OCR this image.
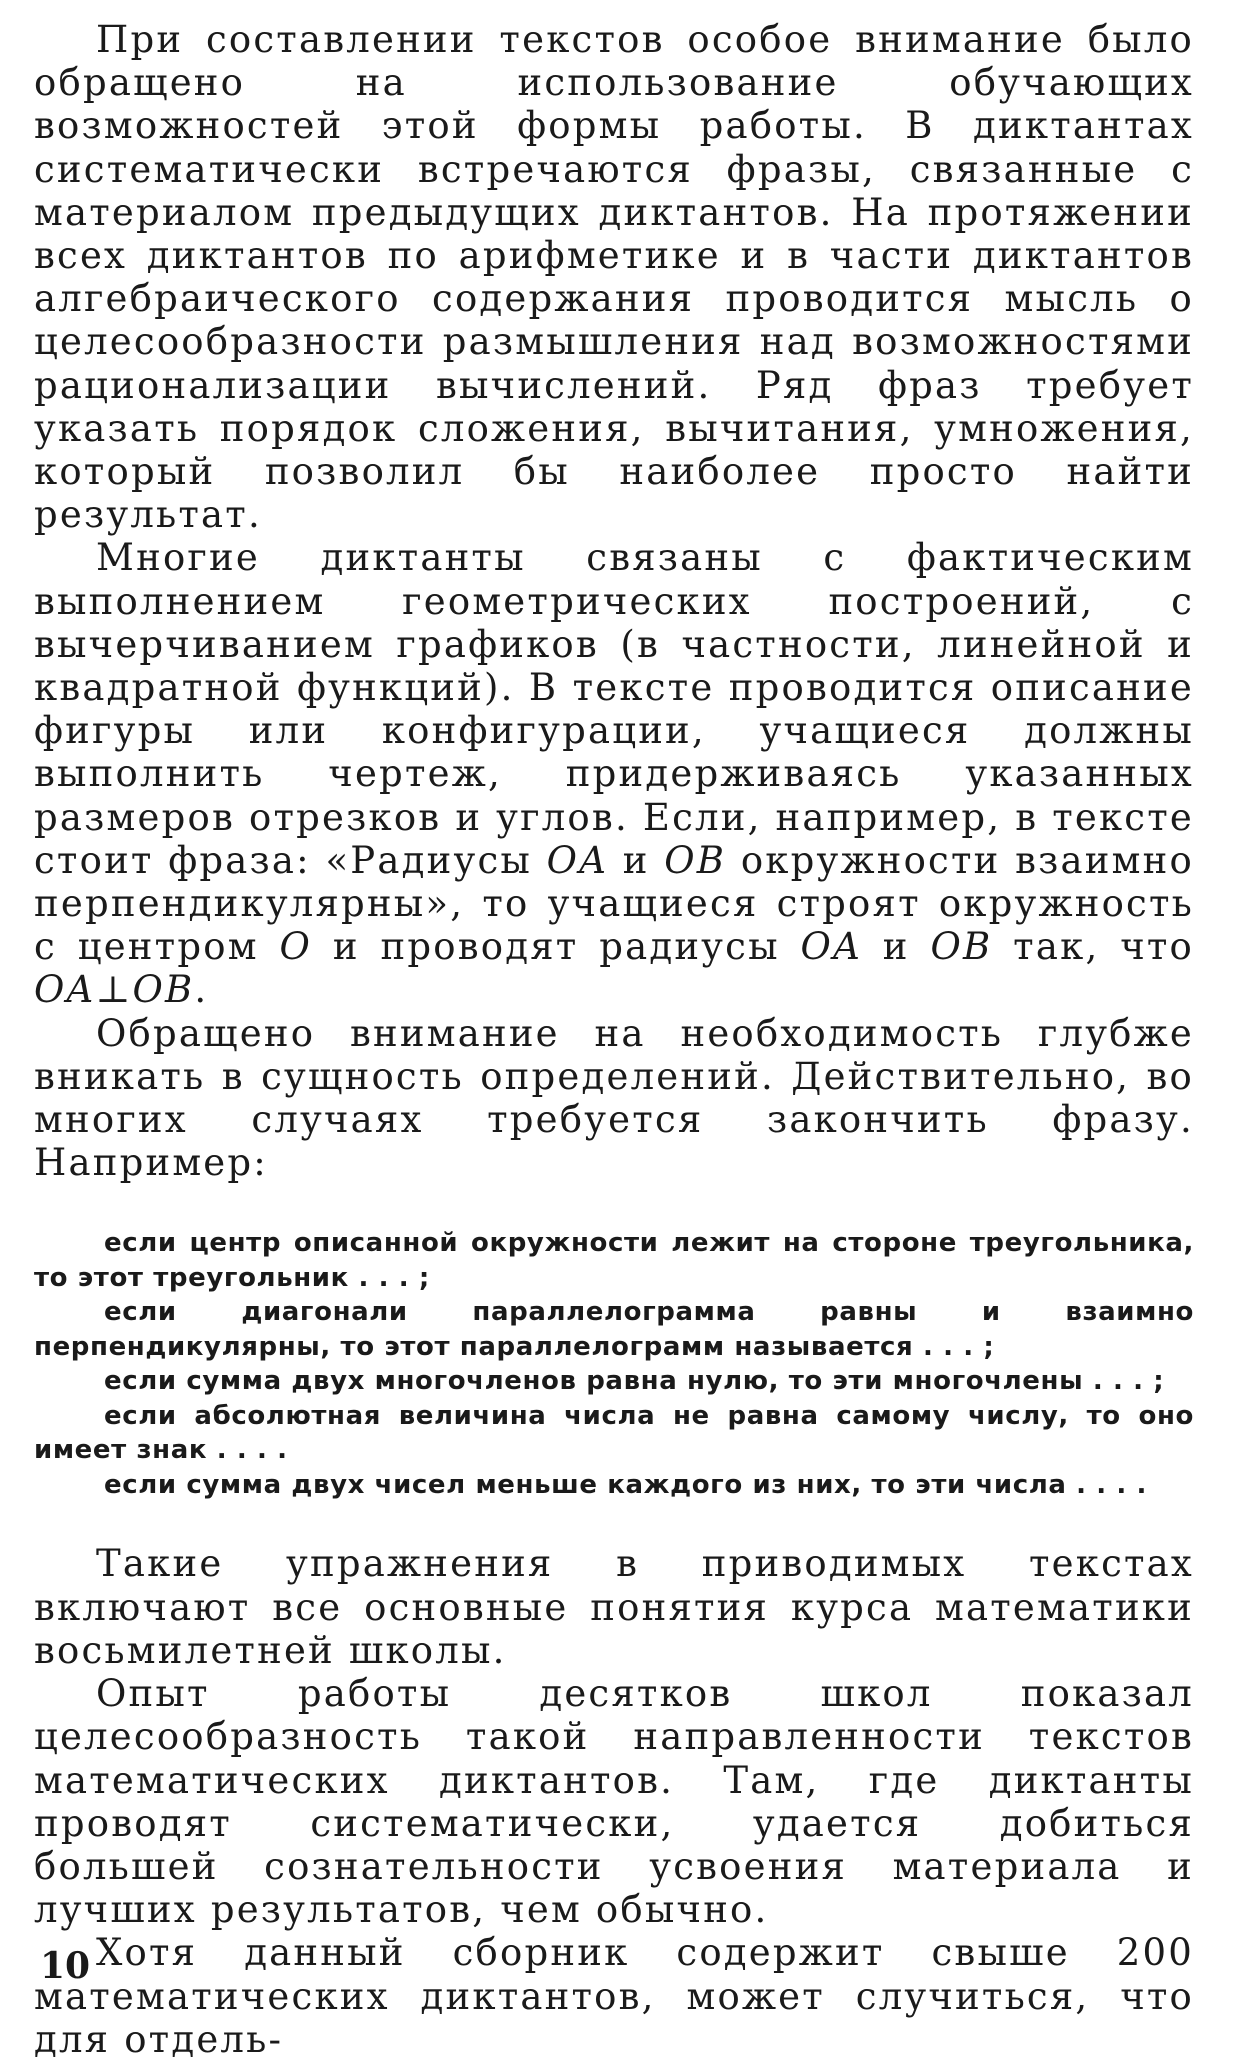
При составлении текстов особое внимание было обращено на использование обучающих возможностей этой формы работы. В диктантах систематически встречаются фразы, связанные с материалом предыдущих диктантов. На протяжении всех диктантов по арифметике и в части диктантов алгебраического содержания проводится мысль о целесообразности размышления над возможностями рационализации вычислений. Ряд фраз требует указать порядок сложения, вычитания, умножения, который позволил бы наиболее просто найти результат.

Многие диктанты связаны с фактическим выполнением геометрических построений, с вычерчиванием графиков (в частности, линейной и квадратной функций). В тексте проводится описание фигуры или конфигурации, учащиеся должны выполнить чертеж, придерживаясь указанных размеров отрезков и углов. Если, например, в тексте стоит фраза: «Радиусы OA и OB окружности взаимно перпендикулярны», то учащиеся строят окружность с центром O и проводят радиусы OA и OB так, что OA⊥OB.

Обращено внимание на необходимость глубже вникать в сущность определений. Действительно, во многих случаях требуется закончить фразу. Например:

если центр описанной окружности лежит на стороне треугольника, то этот треугольник . . . ;

если диагонали параллелограмма равны и взаимно перпендикулярны, то этот параллелограмм называется . . . ;

если сумма двух многочленов равна нулю, то эти многочлены . . . ;

если абсолютная величина числа не равна самому числу, то оно имеет знак . . . .

если сумма двух чисел меньше каждого из них, то эти числа . . . .

Такие упражнения в приводимых текстах включают все основные понятия курса математики восьмилетней школы.

Опыт работы десятков школ показал целесообразность такой направленности текстов математических диктантов. Там, где диктанты проводят систематически, удается добиться большей сознательности усвоения материала и лучших результатов, чем обычно.

Хотя данный сборник содержит свыше 200 математических диктантов, может случиться, что для отдель-

10
